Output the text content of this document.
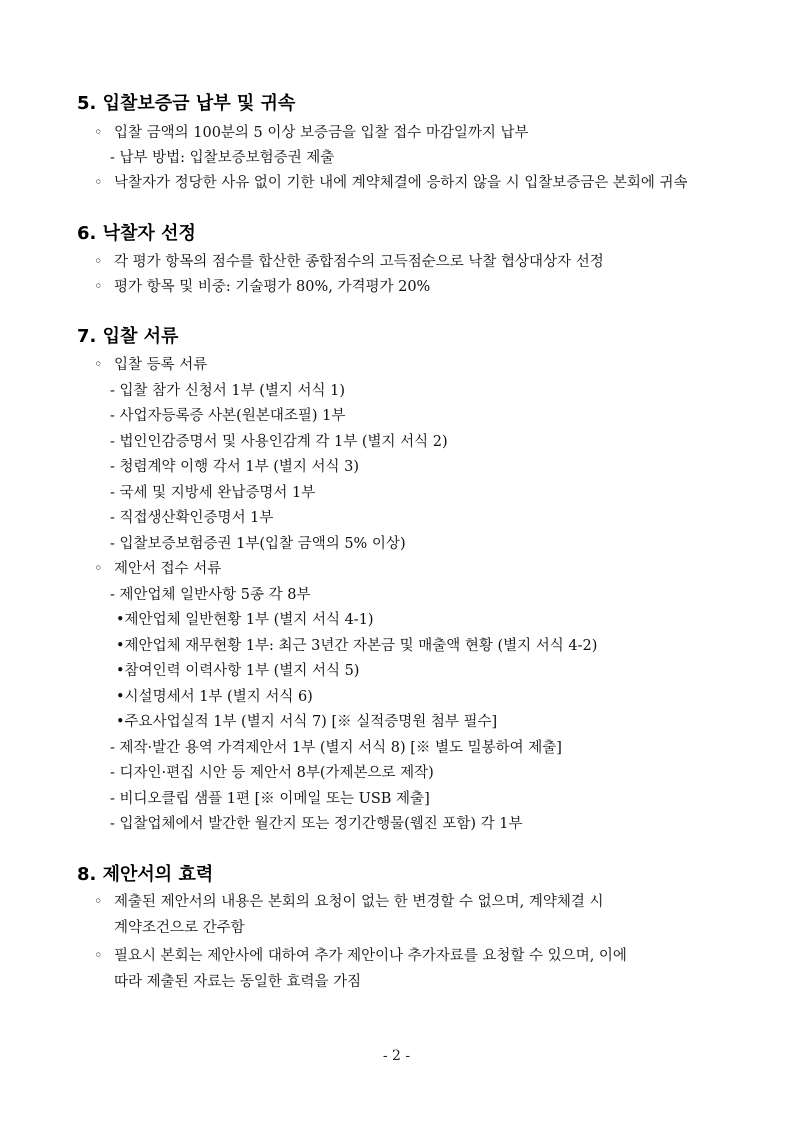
5. 입찰보증금 납부 및 귀속
◦ 입찰 금액의 100분의 5 이상 보증금을 입찰 접수 마감일까지 납부
- 납부 방법: 입찰보증보험증권 제출
◦ 낙찰자가 정당한 사유 없이 기한 내에 계약체결에 응하지 않을 시 입찰보증금은 본회에 귀속
6. 낙찰자 선정
◦ 각 평가 항목의 점수를 합산한 종합점수의 고득점순으로 낙찰 협상대상자 선정
◦ 평가 항목 및 비중: 기술평가 80%, 가격평가 20%
7. 입찰 서류
◦ 입찰 등록 서류
- 입찰 참가 신청서 1부 (별지 서식 1)
- 사업자등록증 사본(원본대조필) 1부
- 법인인감증명서 및 사용인감계 각 1부 (별지 서식 2)
- 청렴계약 이행 각서 1부 (별지 서식 3)
- 국세 및 지방세 완납증명서 1부
- 직접생산확인증명서 1부
- 입찰보증보험증권 1부(입찰 금액의 5% 이상)
◦ 제안서 접수 서류
- 제안업체 일반사항 5종 각 8부
•제안업체 일반현황 1부 (별지 서식 4-1)
•제안업체 재무현황 1부: 최근 3년간 자본금 및 매출액 현황 (별지 서식 4-2)
•참여인력 이력사항 1부 (별지 서식 5)
•시설명세서 1부 (별지 서식 6)
•주요사업실적 1부 (별지 서식 7) [※ 실적증명원 첨부 필수]
- 제작·발간 용역 가격제안서 1부 (별지 서식 8) [※ 별도 밀봉하여 제출]
- 디자인·편집 시안 등 제안서 8부(가제본으로 제작)
- 비디오클립 샘플 1편 [※ 이메일 또는 USB 제출]
- 입찰업체에서 발간한 월간지 또는 정기간행물(웹진 포함) 각 1부
8. 제안서의 효력
◦ 제출된 제안서의 내용은 본회의 요청이 없는 한 변경할 수 없으며, 계약체결 시
계약조건으로 간주함
◦ 필요시 본회는 제안사에 대하여 추가 제안이나 추가자료를 요청할 수 있으며, 이에
따라 제출된 자료는 동일한 효력을 가짐
- 2 -
